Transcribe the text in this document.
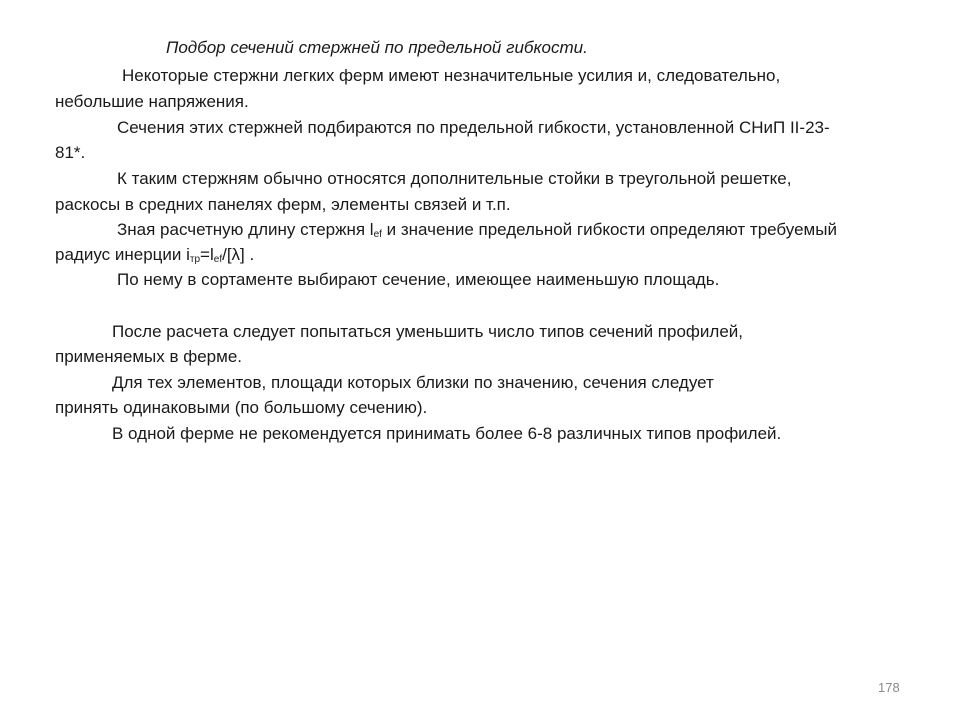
Подбор сечений стержней по предельной гибкости.
Некоторые стержни легких ферм имеют незначительные усилия и, следовательно,
небольшие напряжения.
Сечения этих стержней подбираются по предельной гибкости, установленной СНиП II-23-
81*.
К таким стержням обычно относятся дополнительные стойки в треугольной решетке,
раскосы в средних панелях ферм, элементы связей и т.п.
Зная расчетную длину стержня $l_{ef}$ и значение предельной гибкости определяют требуемый
радиус инерции $i_{тр}=l_{ef}/[\lambda]$ .
По нему в сортаменте выбирают сечение, имеющее наименьшую площадь.
После расчета следует попытаться уменьшить число типов сечений профилей,
применяемых в ферме.
Для тех элементов, площади которых близки по значению, сечения следует
принять одинаковыми (по большому сечению).
В одной ферме не рекомендуется принимать более 6-8 различных типов профилей.
178
